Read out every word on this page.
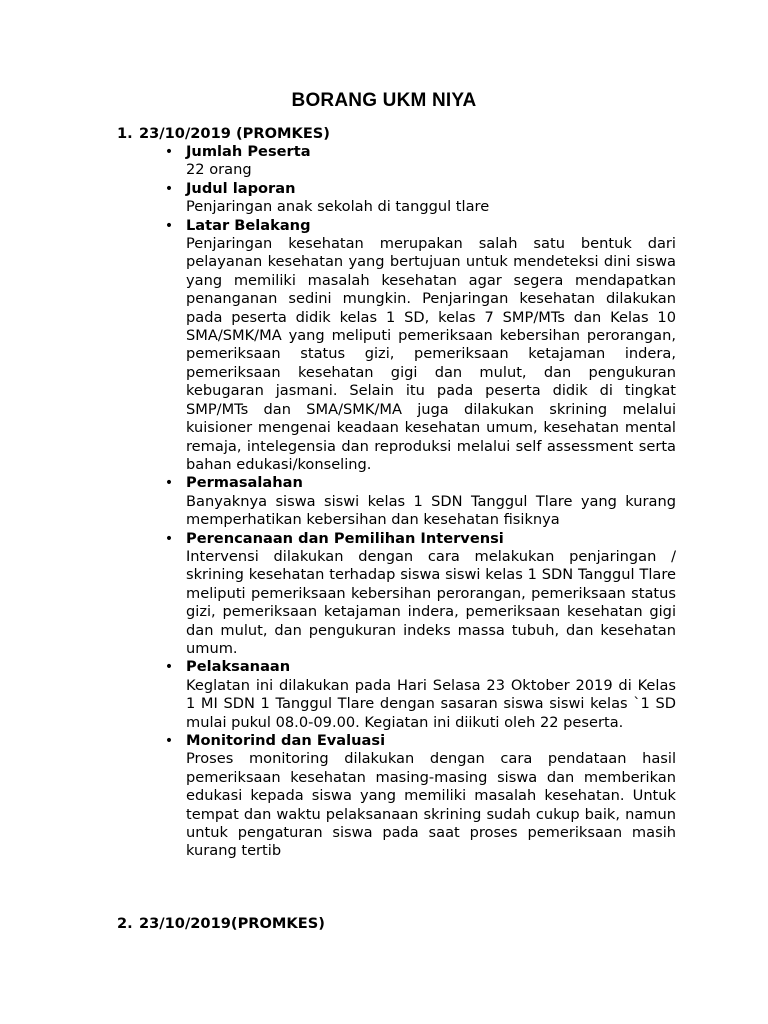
BORANG UKM NIYA
1. 23/10/2019 (PROMKES)
• Jumlah Peserta
22 orang
• Judul laporan
Penjaringan anak sekolah di tanggul tlare
• Latar Belakang
Penjaringan kesehatan merupakan salah satu bentuk dari pelayanan kesehatan yang bertujuan untuk mendeteksi dini siswa yang memiliki masalah kesehatan agar segera mendapatkan penanganan sedini mungkin. Penjaringan kesehatan dilakukan pada peserta didik kelas 1 SD, kelas 7 SMP/MTs dan Kelas 10 SMA/SMK/MA yang meliputi pemeriksaan kebersihan perorangan, pemeriksaan status gizi, pemeriksaan ketajaman indera, pemeriksaan kesehatan gigi dan mulut, dan pengukuran kebugaran jasmani. Selain itu pada peserta didik di tingkat SMP/MTs dan SMA/SMK/MA juga dilakukan skrining melalui kuisioner mengenai keadaan kesehatan umum, kesehatan mental remaja, intelegensia dan reproduksi melalui self assessment serta bahan edukasi/konseling.
• Permasalahan
Banyaknya siswa siswi kelas 1 SDN Tanggul Tlare yang kurang memperhatikan kebersihan dan kesehatan fisiknya
• Perencanaan dan Pemilihan Intervensi
Intervensi dilakukan dengan cara melakukan penjaringan / skrining kesehatan terhadap siswa siswi kelas 1 SDN Tanggul Tlare meliputi pemeriksaan kebersihan perorangan, pemeriksaan status gizi, pemeriksaan ketajaman indera, pemeriksaan kesehatan gigi dan mulut, dan pengukuran indeks massa tubuh, dan kesehatan umum.
• Pelaksanaan
Keglatan ini dilakukan pada Hari Selasa 23 Oktober 2019 di Kelas 1 MI SDN 1 Tanggul Tlare dengan sasaran siswa siswi kelas `1 SD mulai pukul 08.0-09.00. Kegiatan ini diikuti oleh 22 peserta.
• Monitorind dan Evaluasi
Proses monitoring dilakukan dengan cara pendataan hasil pemeriksaan kesehatan masing-masing siswa dan memberikan edukasi kepada siswa yang memiliki masalah kesehatan. Untuk tempat dan waktu pelaksanaan skrining sudah cukup baik, namun untuk pengaturan siswa pada saat proses pemeriksaan masih kurang tertib
2. 23/10/2019(PROMKES)
